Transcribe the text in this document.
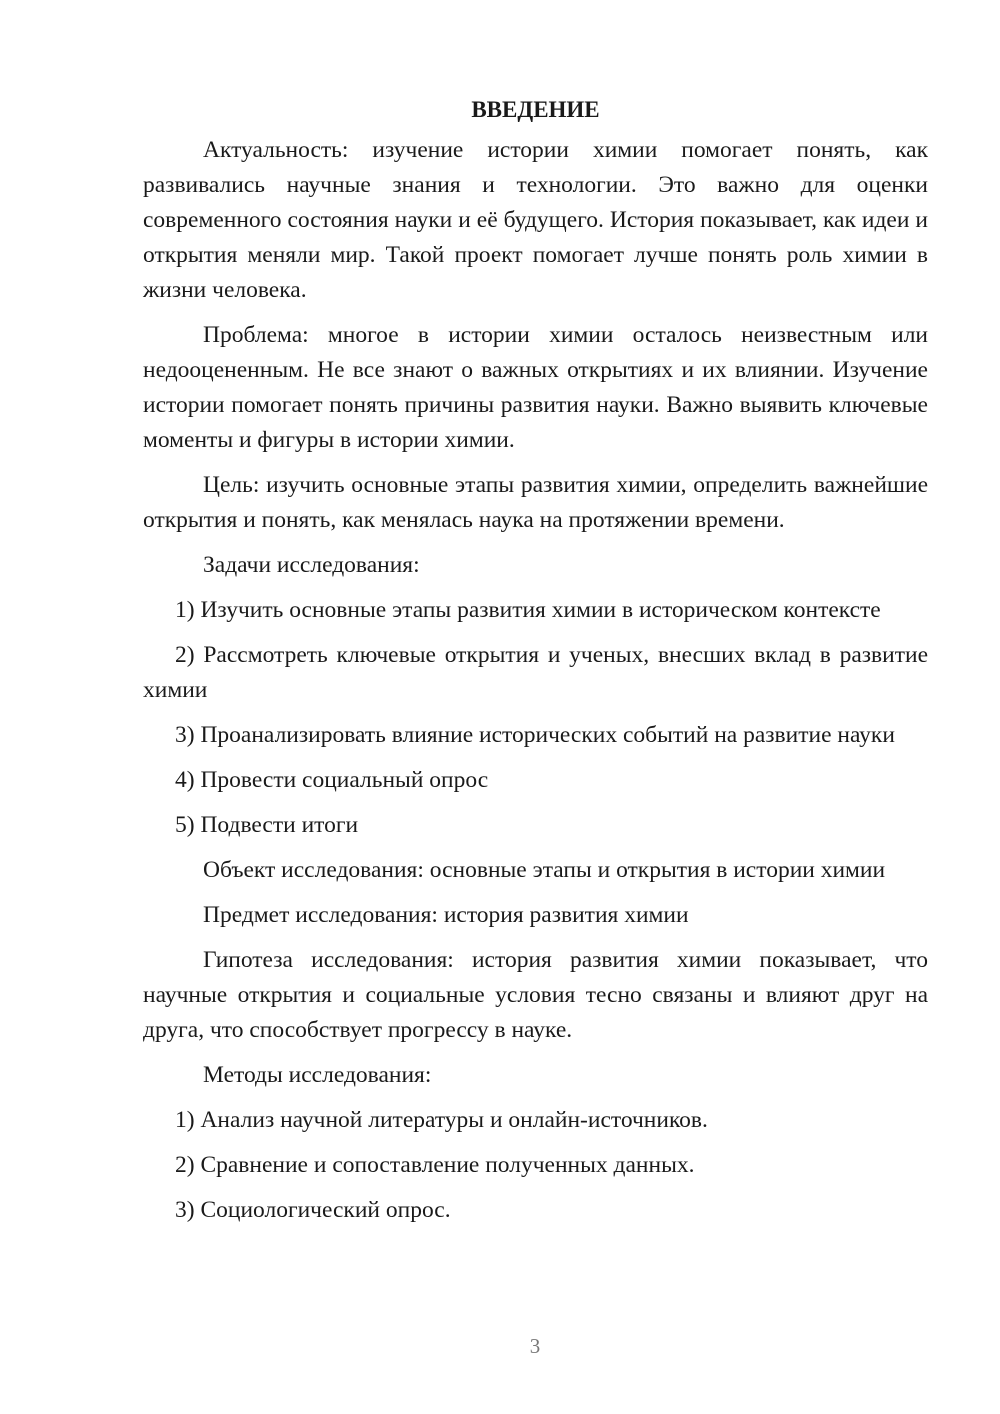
ВВЕДЕНИЕ

Актуальность: изучение истории химии помогает понять, как развивались научные знания и технологии. Это важно для оценки современного состояния науки и её будущего. История показывает, как идеи и открытия меняли мир. Такой проект помогает лучше понять роль химии в жизни человека.

Проблема: многое в истории химии осталось неизвестным или недооцененным. Не все знают о важных открытиях и их влиянии. Изучение истории помогает понять причины развития науки. Важно выявить ключевые моменты и фигуры в истории химии.

Цель: изучить основные этапы развития химии, определить важнейшие открытия и понять, как менялась наука на протяжении времени.

Задачи исследования:
1) Изучить основные этапы развития химии в историческом контексте
2) Рассмотреть ключевые открытия и ученых, внесших вклад в развитие химии
3) Проанализировать влияние исторических событий на развитие науки
4) Провести социальный опрос
5) Подвести итоги
Объект исследования: основные этапы и открытия в истории химии
Предмет исследования: история развития химии

Гипотеза исследования: история развития химии показывает, что научные открытия и социальные условия тесно связаны и влияют друг на друга, что способствует прогрессу в науке.

Методы исследования:
1) Анализ научной литературы и онлайн-источников.
2) Сравнение и сопоставление полученных данных.
3) Социологический опрос.
3
